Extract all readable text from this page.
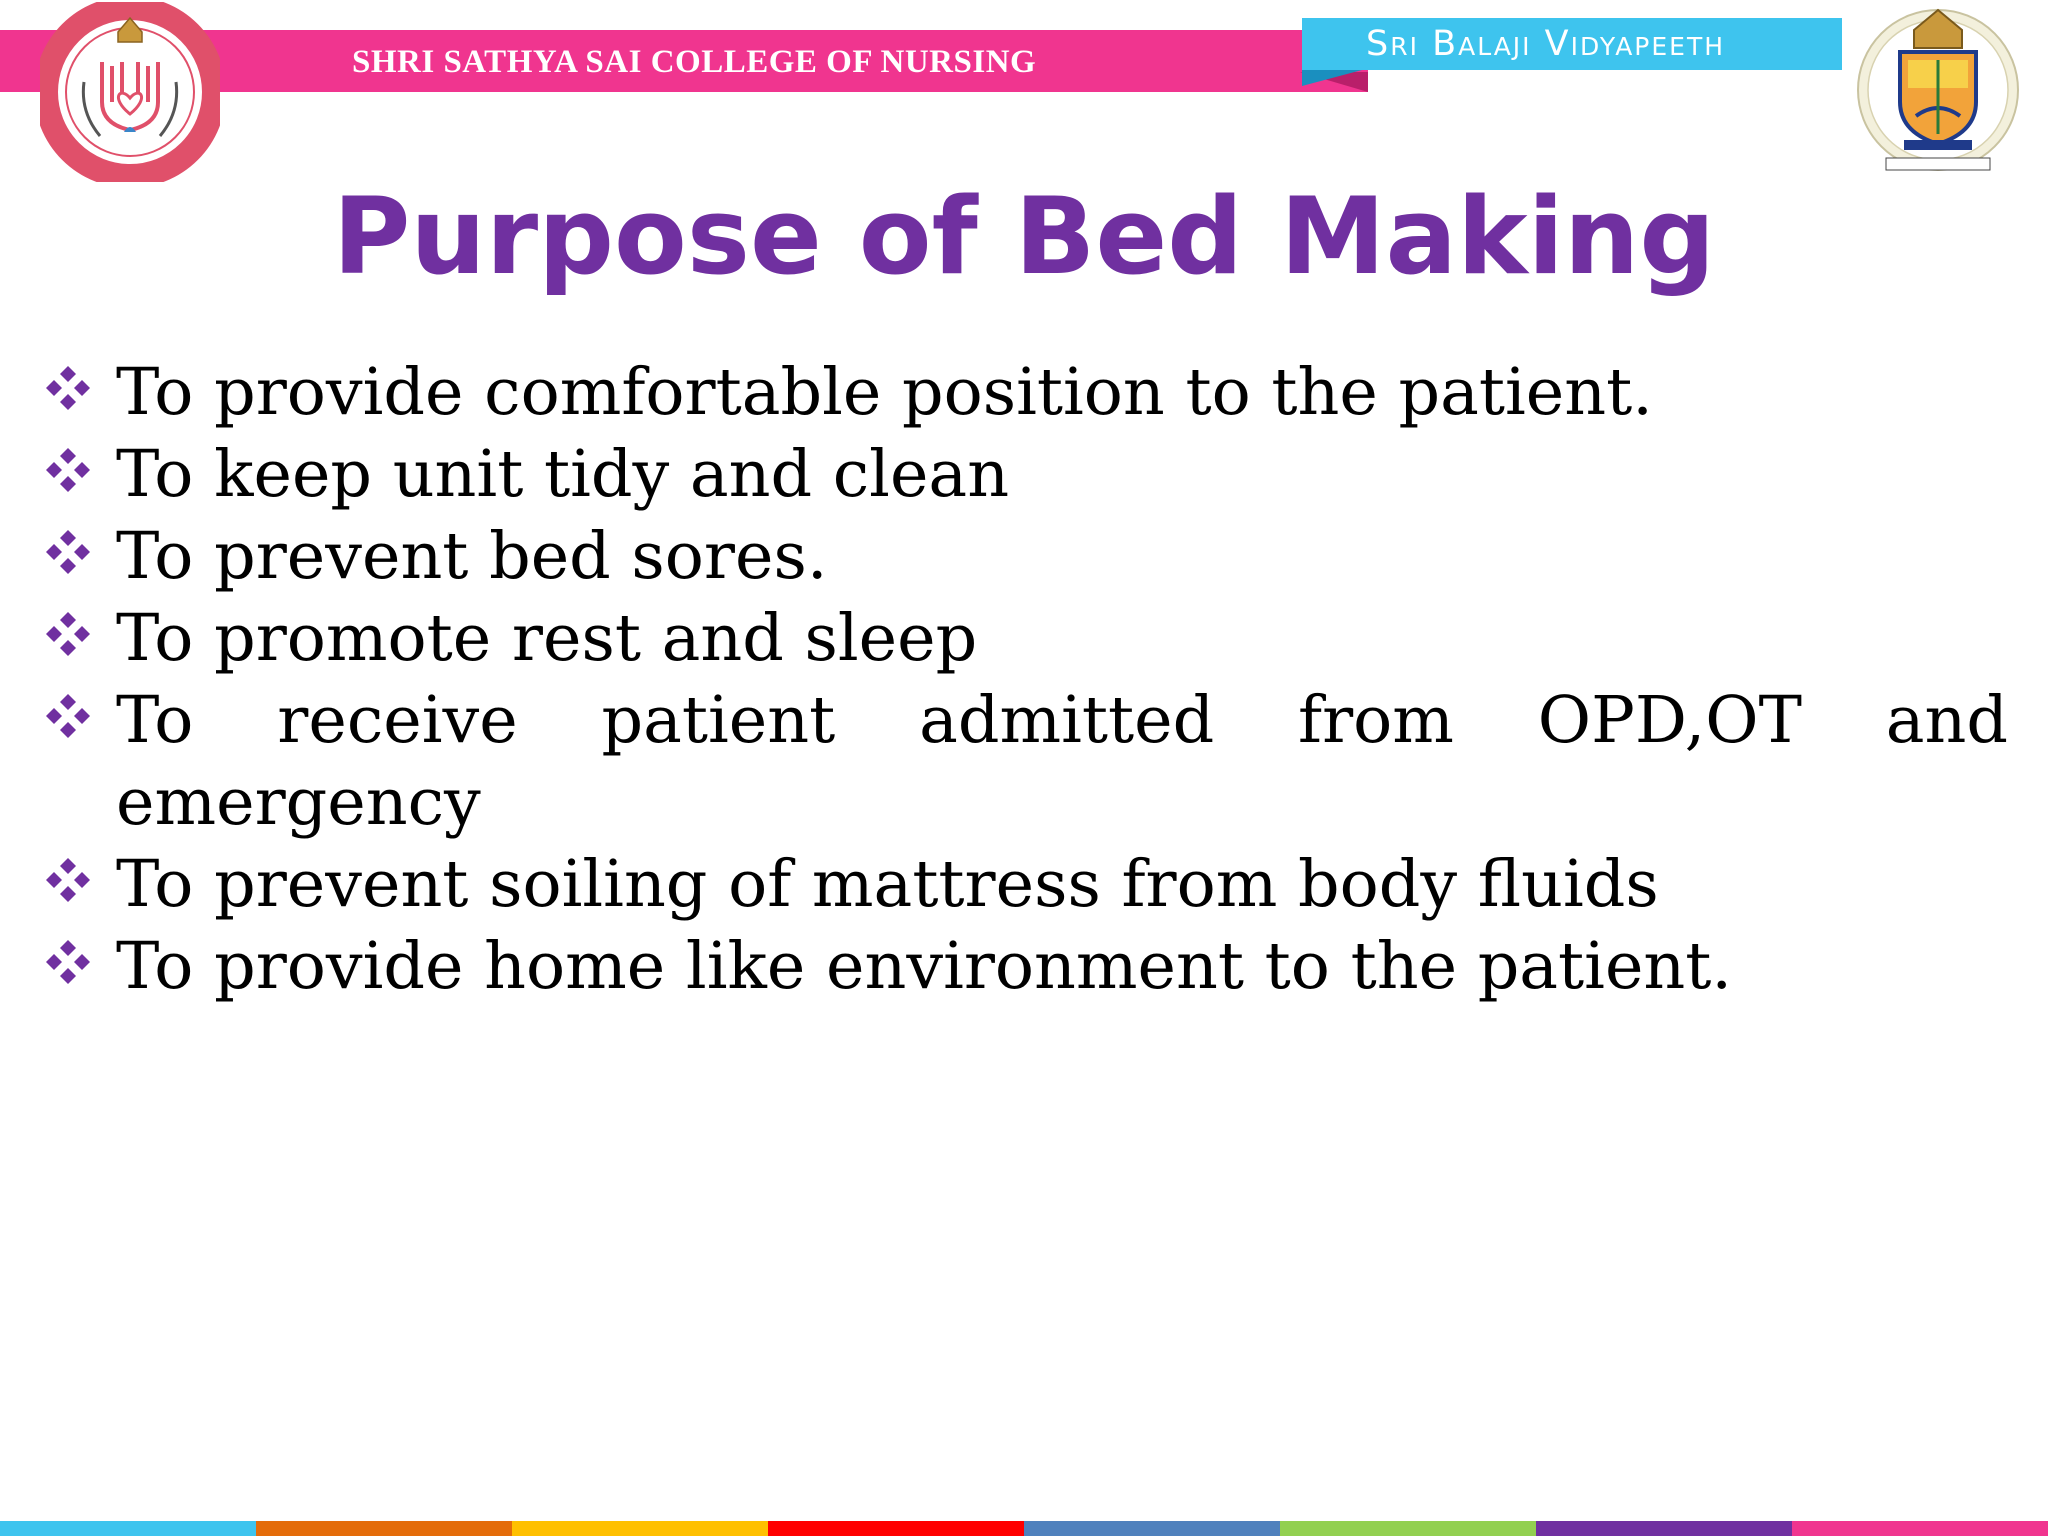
SHRI SATHYA SAI COLLEGE OF NURSING	Sri Balaji Vidyapeeth
Purpose of Bed Making
To provide comfortable position to the patient.
To keep unit tidy and clean
To prevent bed sores.
To promote rest and sleep
To receive patient admitted from OPD,OT and emergency
To prevent soiling of mattress from body fluids
To provide home like environment to the patient.
